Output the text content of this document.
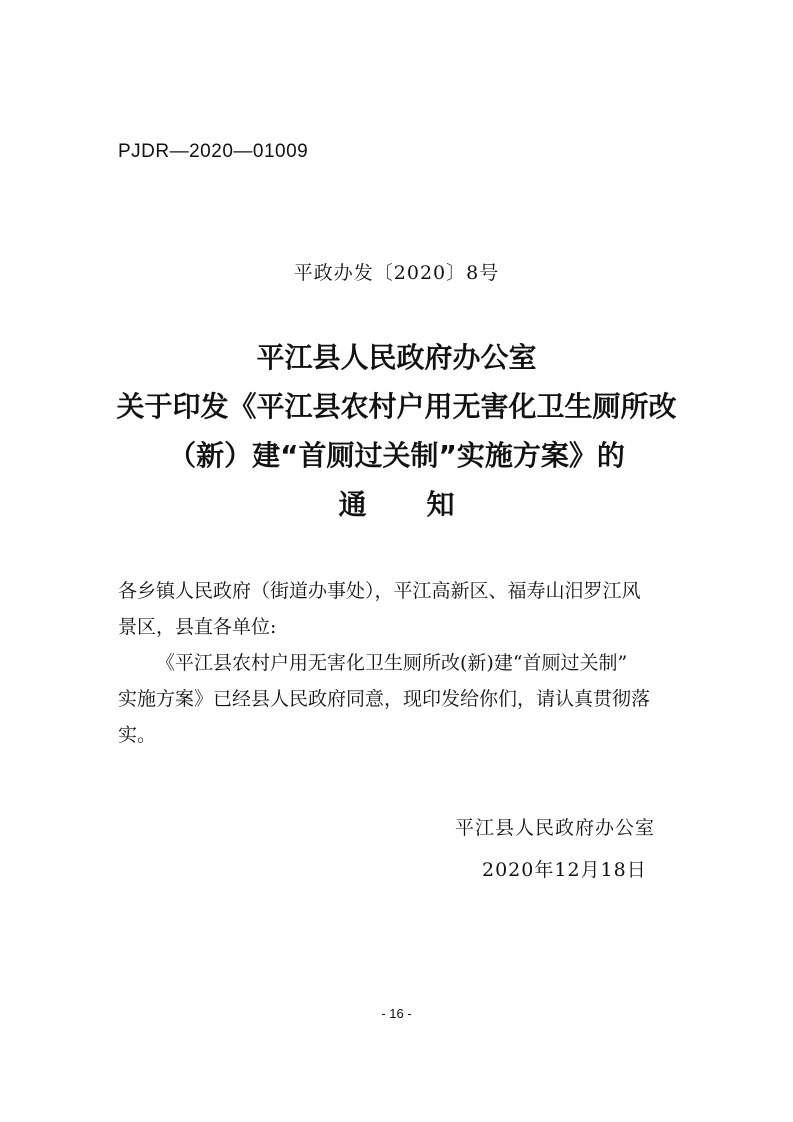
PJDR—2020—01009
平政办发〔2020〕8号
平江县人民政府办公室
关于印发《平江县农村户用无害化卫生厕所改
（新）建“首厕过关制”实施方案》的
通知
各乡镇人民政府（街道办事处），平江高新区、福寿山汨罗江风
景区，县直各单位:
《平江县农村户用无害化卫生厕所改(新)建“首厕过关制”
实施方案》已经县人民政府同意，现印发给你们，请认真贯彻落
实。
平江县人民政府办公室
2020年12月18日
- 16 -
